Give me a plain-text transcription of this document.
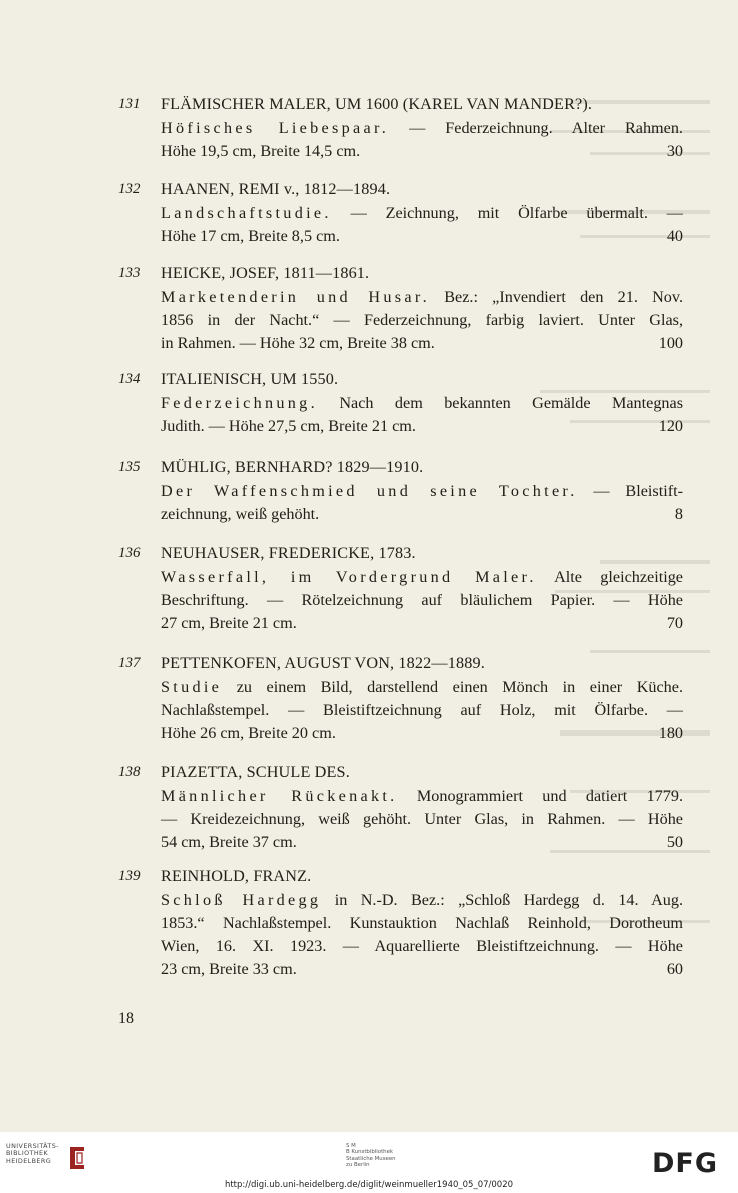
131 FLÄMISCHER MALER, UM 1600 (KAREL VAN MANDER?).
Höfisches Liebespaar. — Federzeichnung. Alter Rahmen.
Höhe 19,5 cm, Breite 14,5 cm.	30
132 HAANEN, REMI v., 1812—1894.
Landschaftstudie. — Zeichnung, mit Ölfarbe übermalt. —
Höhe 17 cm, Breite 8,5 cm.	40
133 HEICKE, JOSEF, 1811—1861.
Marketenderin und Husar. Bez.: „Invendiert den 21. Nov.
1856 in der Nacht.“ — Federzeichnung, farbig laviert. Unter Glas,
in Rahmen. — Höhe 32 cm, Breite 38 cm.	100
134 ITALIENISCH, UM 1550.
Federzeichnung. Nach dem bekannten Gemälde Mantegnas
Judith. — Höhe 27,5 cm, Breite 21 cm.	120
135 MÜHLIG, BERNHARD? 1829—1910.
Der Waffenschmied und seine Tochter. — Bleistift-
zeichnung, weiß gehöht.	8
136 NEUHAUSER, FREDERICKE, 1783.
Wasserfall, im Vordergrund Maler. Alte gleichzeitige
Beschriftung. — Rötelzeichnung auf bläulichem Papier. — Höhe
27 cm, Breite 21 cm.	70
137 PETTENKOFEN, AUGUST VON, 1822—1889.
Studie zu einem Bild, darstellend einen Mönch in einer Küche.
Nachlaßstempel. — Bleistiftzeichnung auf Holz, mit Ölfarbe. —
Höhe 26 cm, Breite 20 cm.	180
138 PIAZETTA, SCHULE DES.
Männlicher Rückenakt. Monogrammiert und datiert 1779.
— Kreidezeichnung, weiß gehöht. Unter Glas, in Rahmen. — Höhe
54 cm, Breite 37 cm.	50
139 REINHOLD, FRANZ.
Schloß Hardegg in N.-D. Bez.: „Schloß Hardegg d. 14. Aug.
1853.“ Nachlaßstempel. Kunstauktion Nachlaß Reinhold, Dorotheum
Wien, 16. XI. 1923. — Aquarellierte Bleistiftzeichnung. — Höhe
23 cm, Breite 33 cm.	60
18
UNIVERSITÄTS-
BIBLIOTHEK
HEIDELBERG
S M
B Kunstbibliothek
Staatliche Museen
zu Berlin	DFG
http://digi.ub.uni-heidelberg.de/diglit/weinmueller1940_05_07/0020
